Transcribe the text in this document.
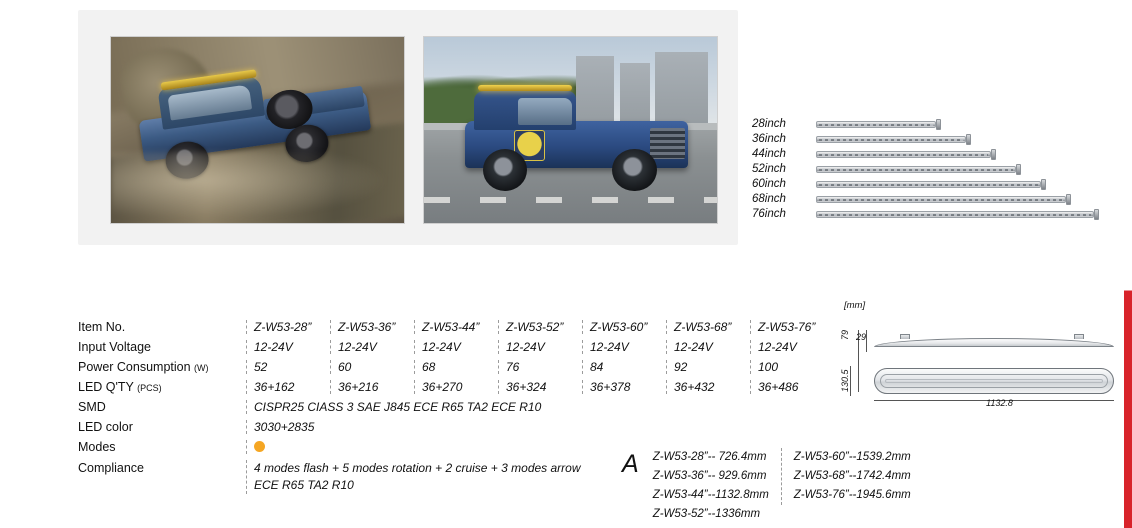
28inch
36inch
44inch
52inch
60inch
68inch
76inch
Item No.	Z-W53-28”	Z-W53-36”	Z-W53-44”	Z-W53-52”	Z-W53-60”	Z-W53-68”	Z-W53-76”
Input Voltage	12-24V	12-24V	12-24V	12-24V	12-24V	12-24V	12-24V
Power Consumption (W)	52	60	68	76	84	92	100
LED Q'TY (PCS)	36+162	36+216	36+270	36+324	36+378	36+432	36+486
SMD	CISPR25 CIASS 3 SAE J845 ECE R65 TA2 ECE R10
LED color	3030+2835
Modes
Compliance	4 modes flash + 5 modes rotation + 2 cruise + 3 modes arrow
ECE R65 TA2 R10
[mm]
29
79
130.5
1132.8
A Z-W53-28”-- 726.4mm
Z-W53-36”-- 929.6mm
Z-W53-44”--1132.8mm
Z-W53-52”--1336mm
Z-W53-60”--1539.2mm
Z-W53-68”--1742.4mm
Z-W53-76”--1945.6mm
